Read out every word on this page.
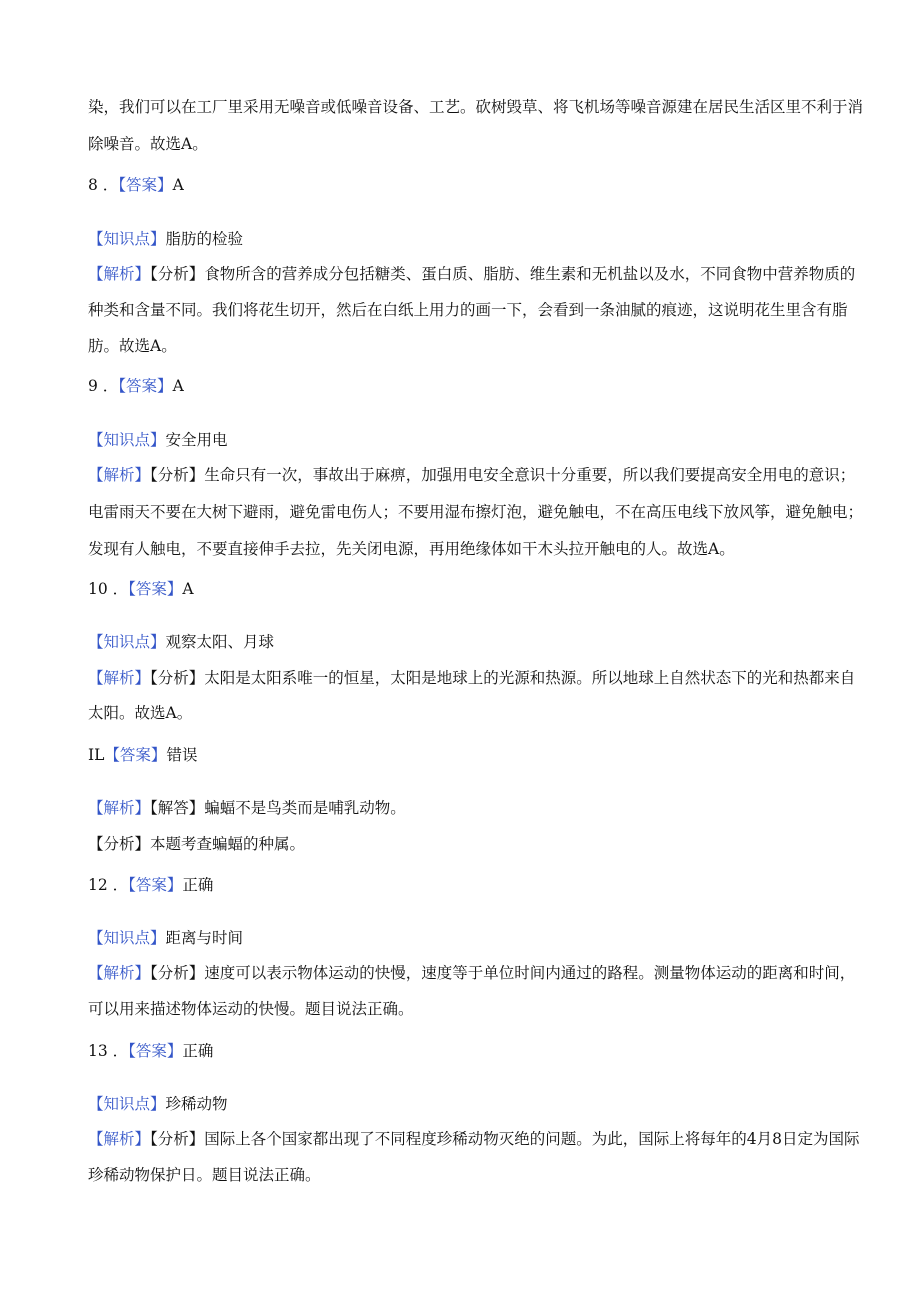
染，我们可以在工厂里采用无噪音或低噪音设备、工艺。砍树毁草、将飞机场等噪音源建在居民生活区里不利于消
除噪音。故选A。
8 ．【答案】A
【知识点】脂肪的检验
【解析】【分析】食物所含的营养成分包括糖类、蛋白质、脂肪、维生素和无机盐以及水，不同食物中营养物质的
种类和含量不同。我们将花生切开，然后在白纸上用力的画一下，会看到一条油腻的痕迹，这说明花生里含有脂
肪。故选A。
9 ．【答案】A
【知识点】安全用电
【解析】【分析】生命只有一次，事故出于麻痹，加强用电安全意识十分重要，所以我们要提高安全用电的意识；
电雷雨天不要在大树下避雨，避免雷电伤人；不要用湿布擦灯泡，避免触电，不在高压电线下放风筝，避免触电；
发现有人触电，不要直接伸手去拉，先关闭电源，再用绝缘体如干木头拉开触电的人。故选A。
10 ．【答案】A
【知识点】观察太阳、月球
【解析】【分析】太阳是太阳系唯一的恒星，太阳是地球上的光源和热源。所以地球上自然状态下的光和热都来自
太阳。故选A。
IL【答案】错误
【解析】【解答】蝙蝠不是鸟类而是哺乳动物。
【分析】本题考查蝙蝠的种属。
12 ．【答案】正确
【知识点】距离与时间
【解析】【分析】速度可以表示物体运动的快慢，速度等于单位时间内通过的路程。测量物体运动的距离和时间，
可以用来描述物体运动的快慢。题目说法正确。
13 ．【答案】正确
【知识点】珍稀动物
【解析】【分析】国际上各个国家都出现了不同程度珍稀动物灭绝的问题。为此，国际上将每年的4月8日定为国际
珍稀动物保护日。题目说法正确。
